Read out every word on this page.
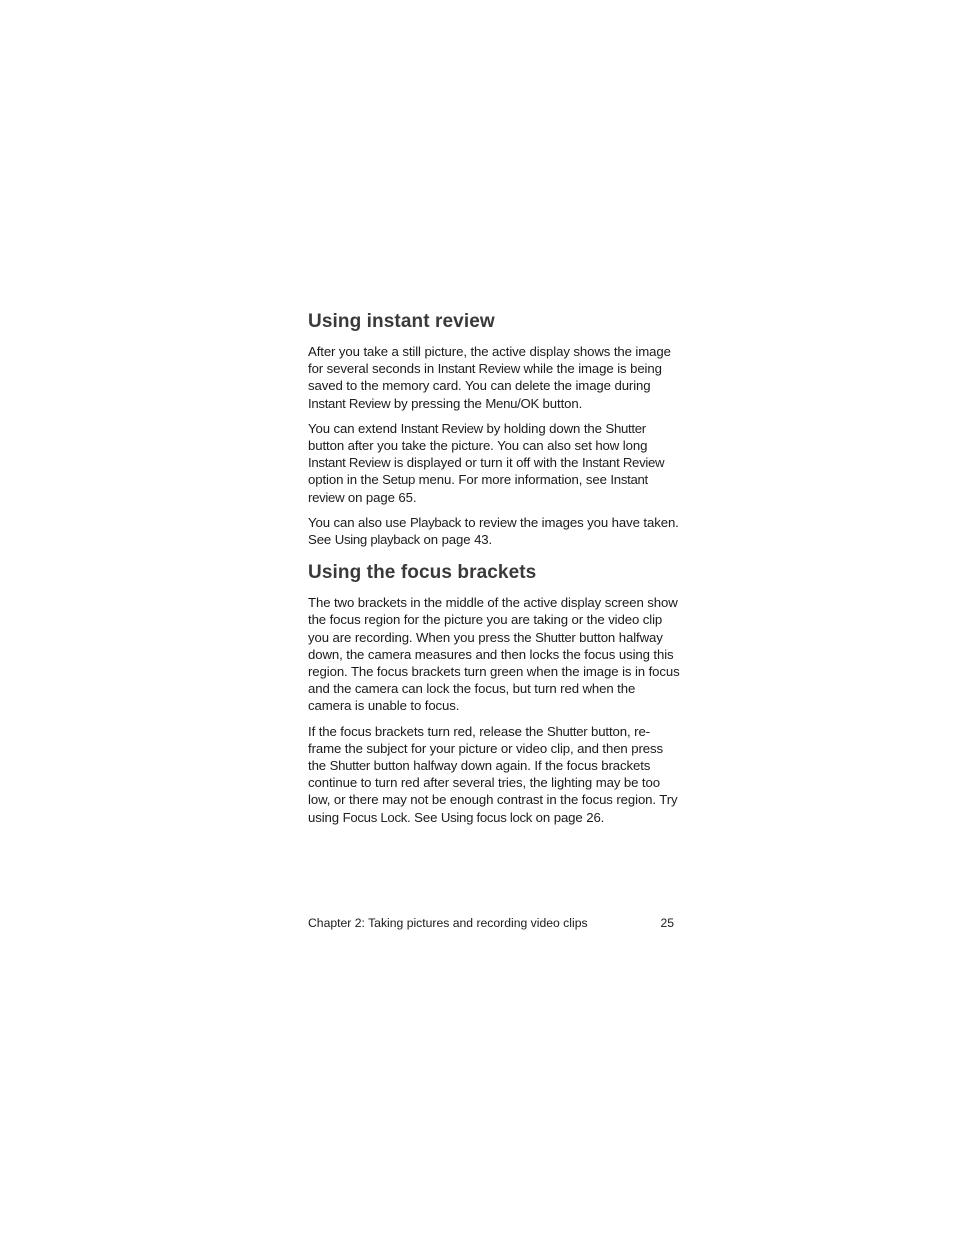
Using instant review

After you take a still picture, the active display shows the image for several seconds in Instant Review while the image is being saved to the memory card. You can delete the image during Instant Review by pressing the Menu/OK button.

You can extend Instant Review by holding down the Shutter button after you take the picture. You can also set how long Instant Review is displayed or turn it off with the Instant Review option in the Setup menu. For more information, see Instant review on page 65.

You can also use Playback to review the images you have taken. See Using playback on page 43.

Using the focus brackets

The two brackets in the middle of the active display screen show the focus region for the picture you are taking or the video clip you are recording. When you press the Shutter button halfway down, the camera measures and then locks the focus using this region. The focus brackets turn green when the image is in focus and the camera can lock the focus, but turn red when the camera is unable to focus.

If the focus brackets turn red, release the Shutter button, re-frame the subject for your picture or video clip, and then press the Shutter button halfway down again. If the focus brackets continue to turn red after several tries, the lighting may be too low, or there may not be enough contrast in the focus region. Try using Focus Lock. See Using focus lock on page 26.

Chapter 2: Taking pictures and recording video clips	25
